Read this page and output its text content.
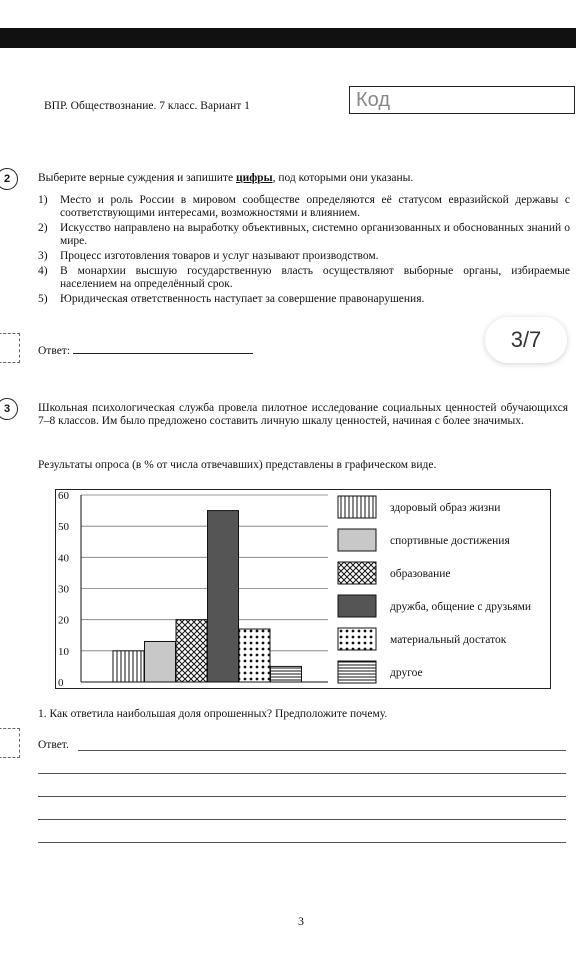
ВПР. Обществознание. 7 класс. Вариант 1	Код
2	Выберите верные суждения и запишите цифры, под которыми они указаны.
1)	Место и роль России в мировом сообществе определяются её статусом евразийской державы с соответствующими интересами, возможностями и влиянием.
2)	Искусство направлено на выработку объективных, системно организованных и обоснованных знаний о мире.
3)	Процесс изготовления товаров и услуг называют производством.
4)	В монархии высшую государственную власть осуществляют выборные органы, избираемые населением на определённый срок.
5)	Юридическая ответственность наступает за совершение правонарушения.
Ответ:	3/7
3	Школьная психологическая служба провела пилотное исследование социальных ценностей обучающихся 7–8 классов. Им было предложено составить личную шкалу ценностей, начиная с более значимых.
Результаты опроса (в % от числа отвечавших) представлены в графическом виде.
0
10
20
30
40
50
60
здоровый образ жизни
спортивные достижения
образование
дружба, общение с друзьями
материальный достаток
другое
1. Как ответила наибольшая доля опрошенных? Предположите почему.
Ответ.
3
